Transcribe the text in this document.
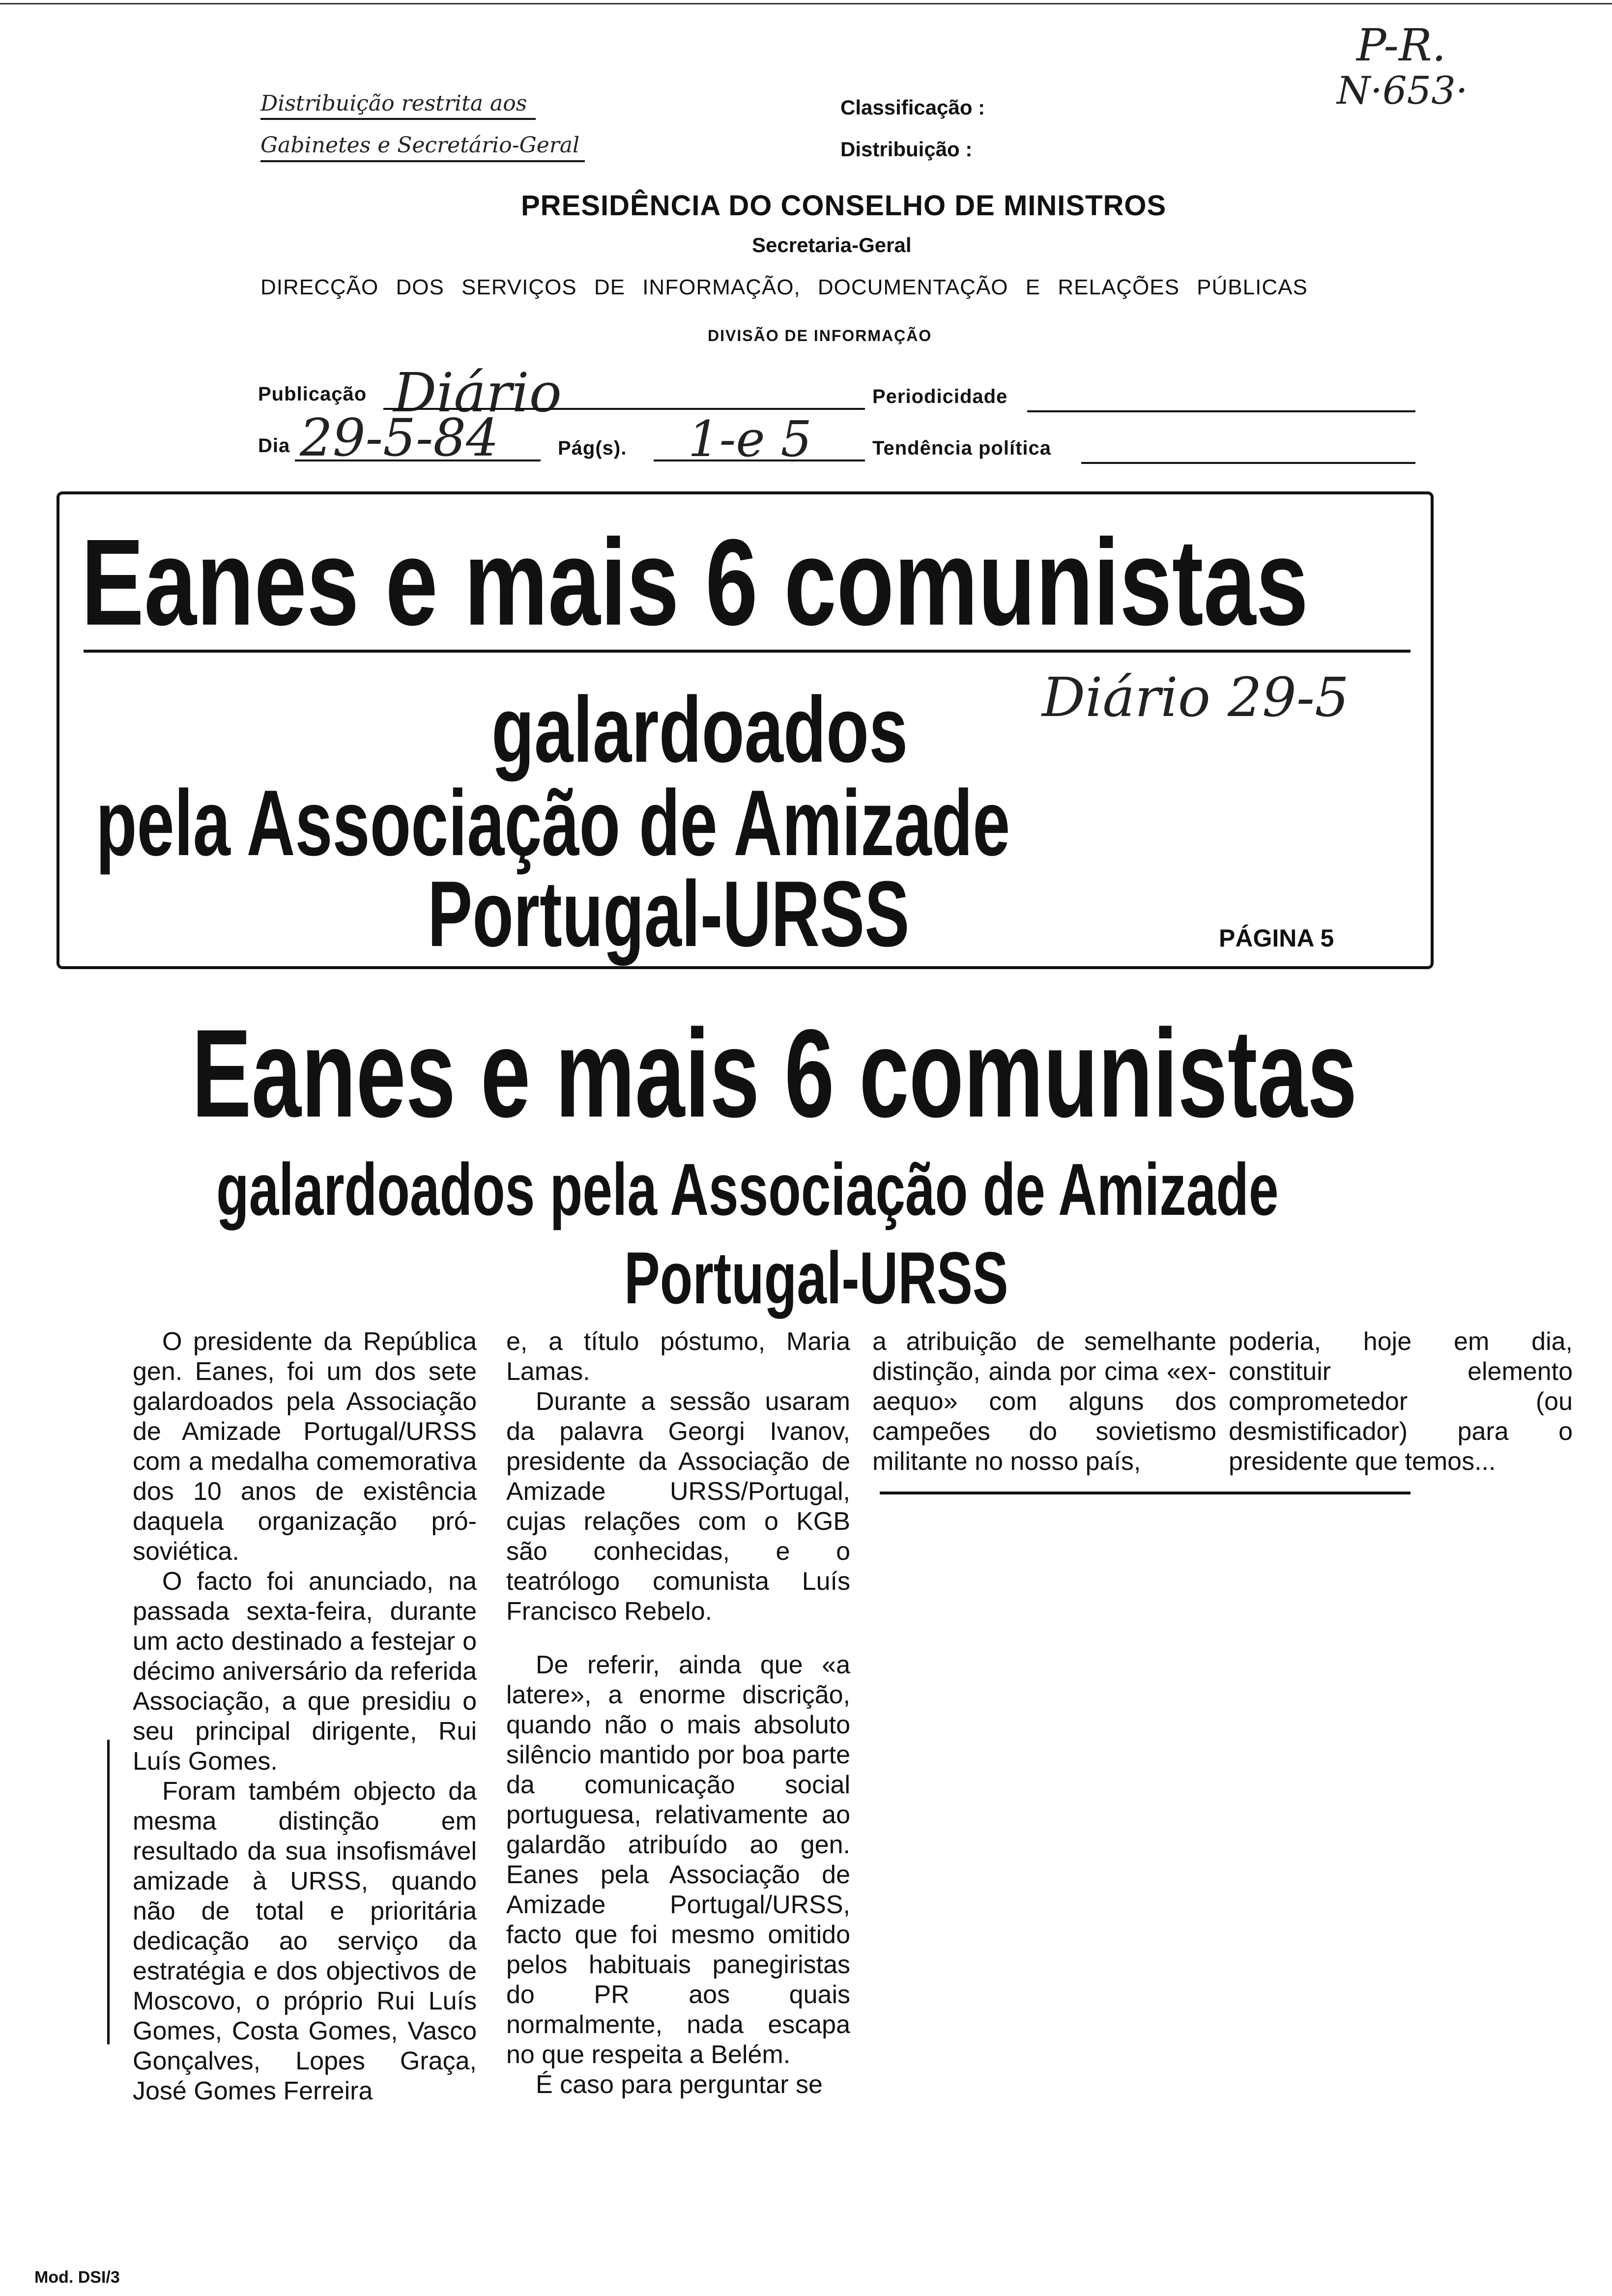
Distribuição restrita aos
Gabinetes e Secretário-Geral
Classificação :
Distribuição :
P-R.
N·653·
PRESIDÊNCIA DO CONSELHO DE MINISTROS
Secretaria-Geral
DIRECÇÃO DOS SERVIÇOS DE INFORMAÇÃO, DOCUMENTAÇÃO E RELAÇÕES PÚBLICAS
DIVISÃO DE INFORMAÇÃO
Publicação Diário	Periodicidade
Dia 29-5-84	Pág(s). 1-e 5	Tendência política
Eanes e mais 6 comunistas
galardoados	Diário 29-5
pela Associação de Amizade
Portugal-URSS	PÁGINA 5
Eanes e mais 6 comunistas
galardoados pela Associação de Amizade
Portugal-URSS

O presidente da República gen. Eanes, foi um dos sete galardoados pela Associação de Amizade Portugal/URSS com a medalha comemorativa dos 10 anos de existência daquela organização pró-soviética.

O facto foi anunciado, na passada sexta-feira, durante um acto destinado a festejar o décimo aniversário da referida Associação, a que presidiu o seu principal dirigente, Rui Luís Gomes.

Foram também objecto da mesma distinção em resultado da sua insofismável amizade à URSS, quando não de total e prioritária dedicação ao serviço da estratégia e dos objectivos de Moscovo, o próprio Rui Luís Gomes, Costa Gomes, Vasco Gonçalves, Lopes Graça, José Gomes Ferreira

e, a título póstumo, Maria Lamas.

Durante a sessão usaram da palavra Georgi Ivanov, presidente da Associação de Amizade URSS/Portugal, cujas relações com o KGB são conhecidas, e o teatrólogo comunista Luís Francisco Rebelo.

De referir, ainda que «a latere», a enorme discrição, quando não o mais absoluto silêncio mantido por boa parte da comunicação social portuguesa, relativamente ao galardão atribuído ao gen. Eanes pela Associação de Amizade Portugal/URSS, facto que foi mesmo omitido pelos habituais panegiristas do PR aos quais normalmente, nada escapa no que respeita a Belém.

É caso para perguntar se

a atribuição de semelhante distinção, ainda por cima «ex-aequo» com alguns dos campeões do sovietismo militante no nosso país,

poderia, hoje em dia, constituir elemento comprometedor (ou desmistificador) para o presidente que temos...

Mod. DSI/3
